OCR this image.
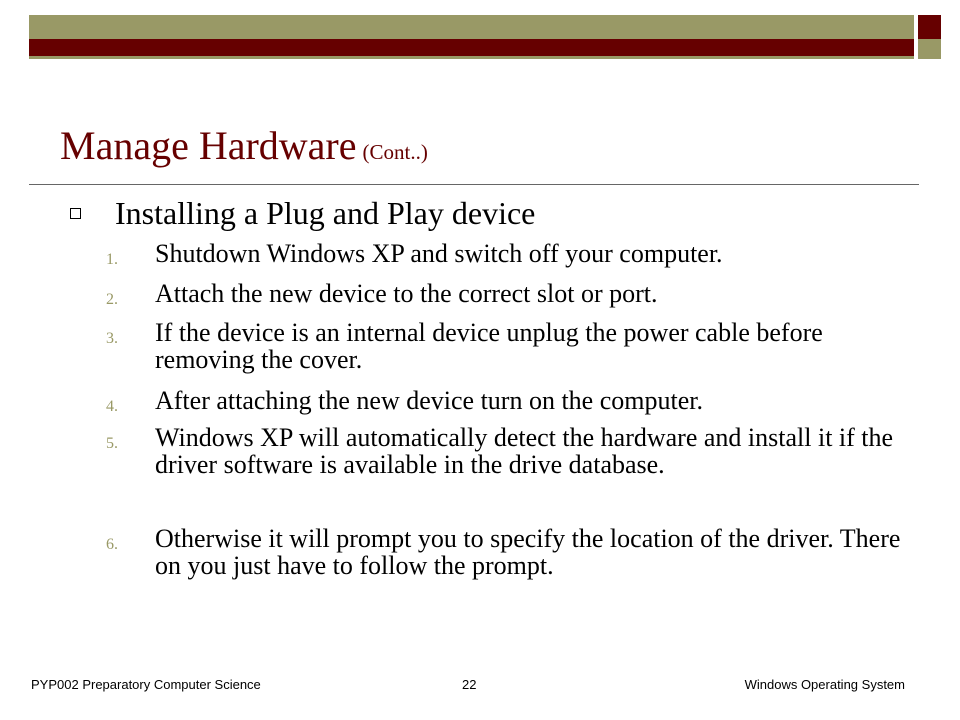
Manage Hardware (Cont..)
Installing a Plug and Play device
1.	Shutdown Windows XP and switch off your computer.
2.	Attach the new device to the correct slot or port.
3.	If the device is an internal device unplug the power cable before removing the cover.
4.	After attaching the new device turn on the computer.
5.	Windows XP will automatically detect the hardware and install it if the driver software is available in the drive database.
6.	Otherwise it will prompt you to specify the location of the driver. There on you just have to follow the prompt.
PYP002 Preparatory Computer Science	22	Windows Operating System
